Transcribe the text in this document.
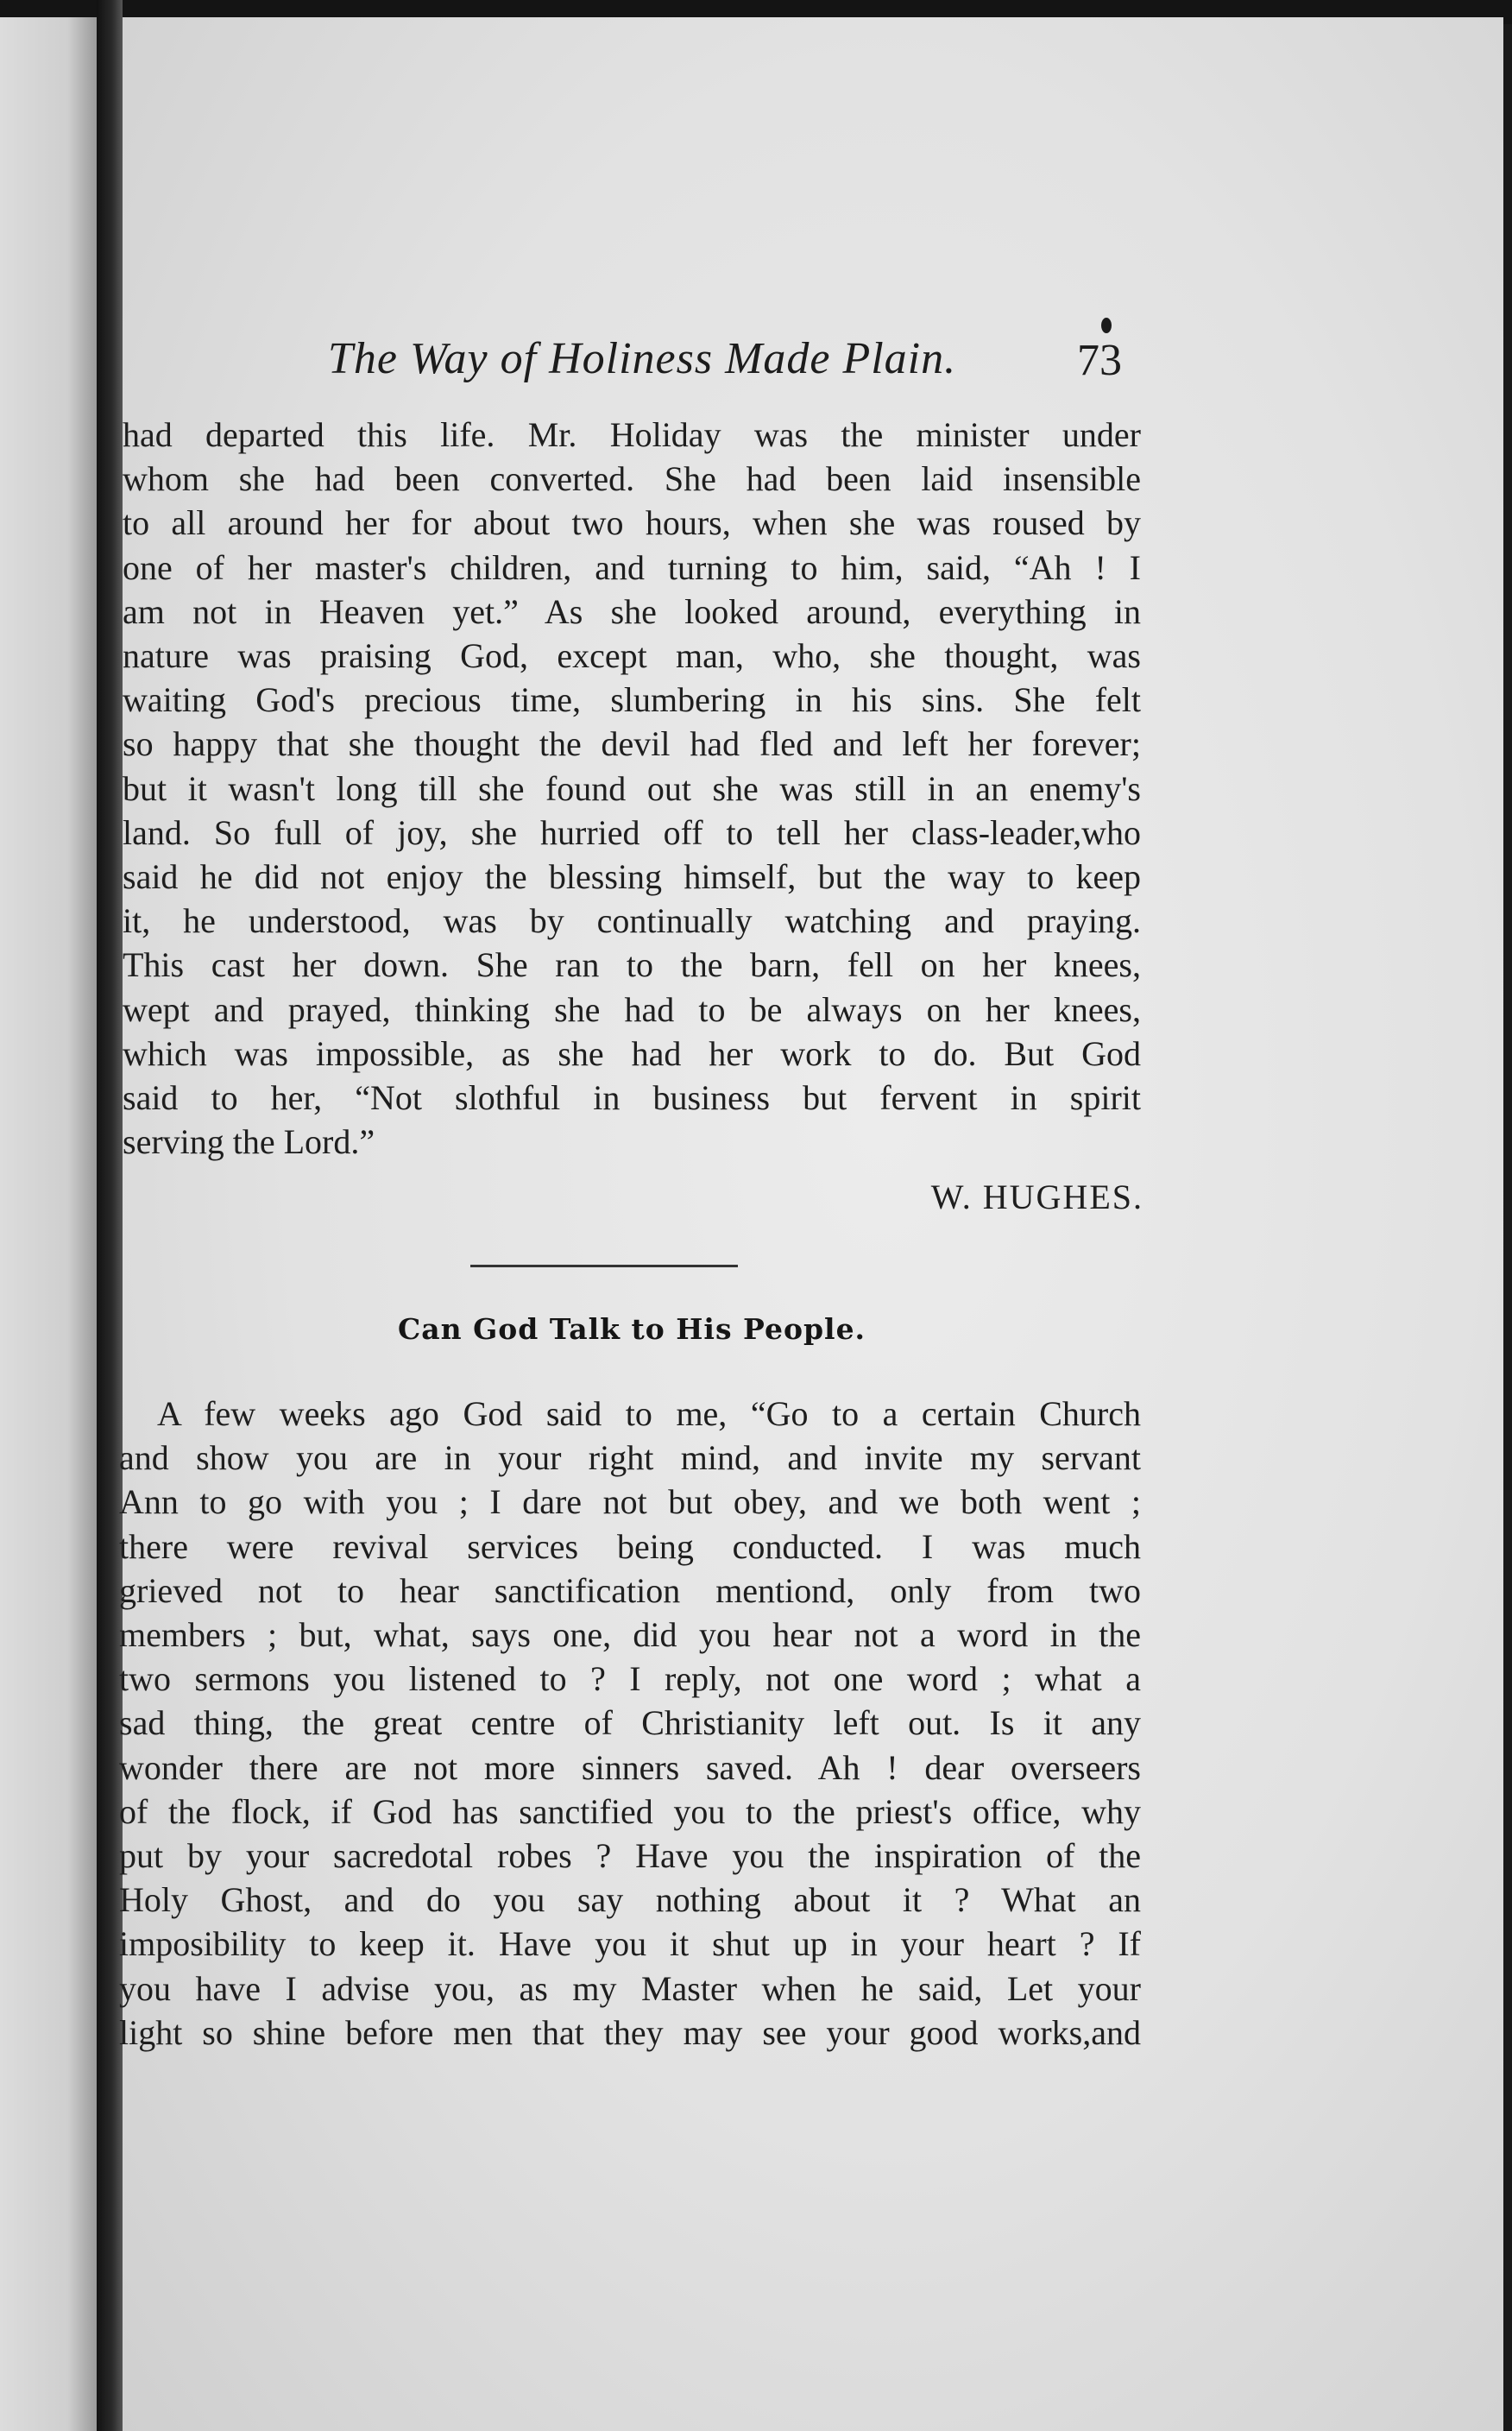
The Way of Holiness Made Plain.	73
had departed this life. Mr. Holiday was the minister under
whom she had been converted. She had been laid insensible
to all around her for about two hours, when she was roused by
one of her master's children, and turning to him, said, “Ah ! I
am not in Heaven yet.” As she looked around, everything in
nature was praising God, except man, who, she thought, was
waiting God's precious time, slumbering in his sins. She felt
so happy that she thought the devil had fled and left her forever;
but it wasn't long till she found out she was still in an enemy's
land. So full of joy, she hurried off to tell her class-leader,who
said he did not enjoy the blessing himself, but the way to keep
it, he understood, was by continually watching and praying.
This cast her down. She ran to the barn, fell on her knees,
wept and prayed, thinking she had to be always on her knees,
which was impossible, as she had her work to do. But God
said to her, “Not slothful in business but fervent in spirit
serving the Lord.”
W. HUGHES.
Can God Talk to His People.
A few weeks ago God said to me, “Go to a certain Church
and show you are in your right mind, and invite my servant
Ann to go with you ; I dare not but obey, and we both went ;
there were revival services being conducted. I was much
grieved not to hear sanctification mentiond, only from two
members ; but, what, says one, did you hear not a word in the
two sermons you listened to ? I reply, not one word ; what a
sad thing, the great centre of Christianity left out. Is it any
wonder there are not more sinners saved. Ah ! dear overseers
of the flock, if God has sanctified you to the priest's office, why
put by your sacredotal robes ? Have you the inspiration of the
Holy Ghost, and do you say nothing about it ? What an
imposibility to keep it. Have you it shut up in your heart ? If
you have I advise you, as my Master when he said, Let your
light so shine before men that they may see your good works,and
